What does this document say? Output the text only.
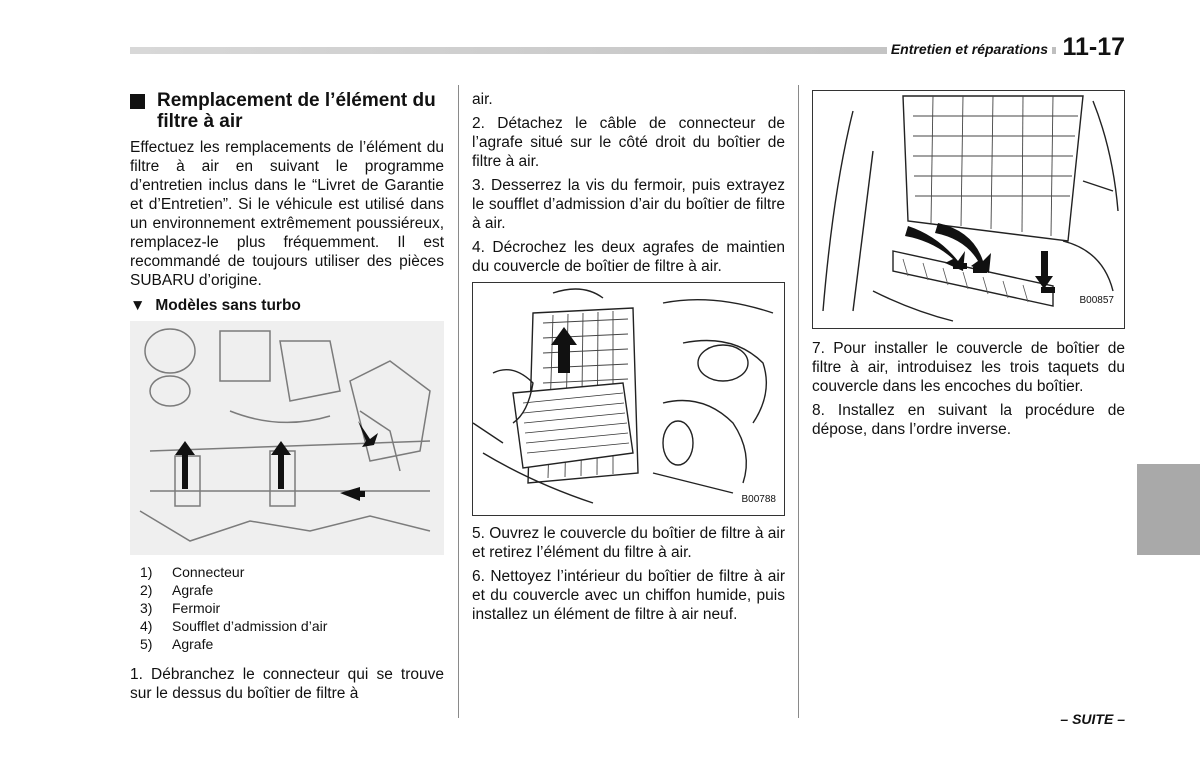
Entretien et réparations 11-17
Remplacement de l’élément du filtre à air

Effectuez les remplacements de l’élément du filtre à air en suivant le programme d’entretien inclus dans le “Livret de Garantie et d’Entretien”. Si le véhicule est utilisé dans un environnement extrêmement poussiéreux, remplacez-le plus fréquemment. Il est recommandé de toujours utiliser des pièces SUBARU d’origine.

▼ Modèles sans turbo
1)	Connecteur
2)	Agrafe
3)	Fermoir
4)	Soufflet d’admission d’air
5)	Agrafe

1. Débranchez le connecteur qui se trouve sur le dessus du boîtier de filtre à

air.

2. Détachez le câble de connecteur de l’agrafe situé sur le côté droit du boîtier de filtre à air.

3. Desserrez la vis du fermoir, puis extrayez le soufflet d’admission d’air du boîtier de filtre à air.

4. Décrochez les deux agrafes de maintien du couvercle de boîtier de filtre à air.

B00788

5. Ouvrez le couvercle du boîtier de filtre à air et retirez l’élément du filtre à air.

6. Nettoyez l’intérieur du boîtier de filtre à air et du couvercle avec un chiffon humide, puis installez un élément de filtre à air neuf.

B00857

7. Pour installer le couvercle de boîtier de filtre à air, introduisez les trois taquets du couvercle dans les encoches du boîtier.

8. Installez en suivant la procédure de dépose, dans l’ordre inverse.

– SUITE –
